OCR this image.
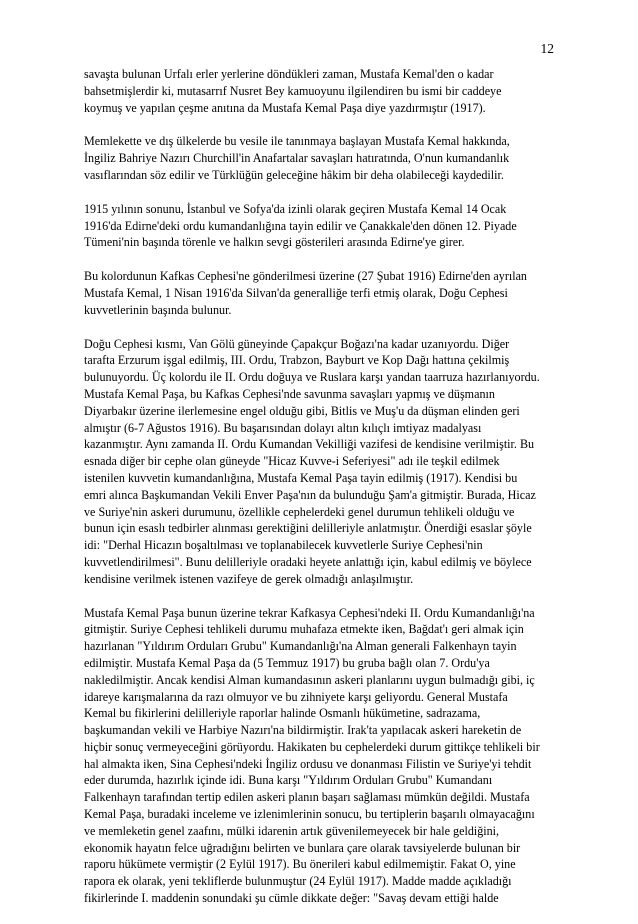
12

savaşta bulunan Urfalı erler yerlerine döndükleri zaman, Mustafa Kemal'den o kadar
bahsetmişlerdir ki, mutasarrıf Nusret Bey kamuoyunu ilgilendiren bu ismi bir caddeye
koymuş ve yapılan çeşme anıtına da Mustafa Kemal Paşa diye yazdırmıştır (1917).

Memlekette ve dış ülkelerde bu vesile ile tanınmaya başlayan Mustafa Kemal hakkında,
İngiliz Bahriye Nazırı Churchill'in Anafartalar savaşları hatıratında, O'nun kumandanlık
vasıflarından söz edilir ve Türklüğün geleceğine hâkim bir deha olabileceği kaydedilir.

1915 yılının sonunu, İstanbul ve Sofya'da izinli olarak geçiren Mustafa Kemal 14 Ocak
1916'da Edirne'deki ordu kumandanlığına tayin edilir ve Çanakkale'den dönen 12. Piyade
Tümeni'nin başında törenle ve halkın sevgi gösterileri arasında Edirne'ye girer.

Bu kolordunun Kafkas Cephesi'ne gönderilmesi üzerine (27 Şubat 1916) Edirne'den ayrılan
Mustafa Kemal, 1 Nisan 1916'da Silvan'da generalliğe terfi etmiş olarak, Doğu Cephesi
kuvvetlerinin başında bulunur.

Doğu Cephesi kısmı, Van Gölü güneyinde Çapakçur Boğazı'na kadar uzanıyordu. Diğer
tarafta Erzurum işgal edilmiş, III. Ordu, Trabzon, Bayburt ve Kop Dağı hattına çekilmiş
bulunuyordu. Üç kolordu ile II. Ordu doğuya ve Ruslara karşı yandan taarruza hazırlanıyordu.
Mustafa Kemal Paşa, bu Kafkas Cephesi'nde savunma savaşları yapmış ve düşmanın
Diyarbakır üzerine ilerlemesine engel olduğu gibi, Bitlis ve Muş'u da düşman elinden geri
almıştır (6-7 Ağustos 1916). Bu başarısından dolayı altın kılıçlı imtiyaz madalyası
kazanmıştır. Aynı zamanda II. Ordu Kumandan Vekilliği vazifesi de kendisine verilmiştir. Bu
esnada diğer bir cephe olan güneyde "Hicaz Kuvve-i Seferiyesi" adı ile teşkil edilmek
istenilen kuvvetin kumandanlığına, Mustafa Kemal Paşa tayin edilmiş (1917). Kendisi bu
emri alınca Başkumandan Vekili Enver Paşa'nın da bulunduğu Şam'a gitmiştir. Burada, Hicaz
ve Suriye'nin askeri durumunu, özellikle cephelerdeki genel durumun tehlikeli olduğu ve
bunun için esaslı tedbirler alınması gerektiğini delilleriyle anlatmıştır. Önerdiği esaslar şöyle
idi: "Derhal Hicazın boşaltılması ve toplanabilecek kuvvetlerle Suriye Cephesi'nin
kuvvetlendirilmesi". Bunu delilleriyle oradaki heyete anlattığı için, kabul edilmiş ve böylece
kendisine verilmek istenen vazifeye de gerek olmadığı anlaşılmıştır.

Mustafa Kemal Paşa bunun üzerine tekrar Kafkasya Cephesi'ndeki II. Ordu Kumandanlığı'na
gitmiştir. Suriye Cephesi tehlikeli durumu muhafaza etmekte iken, Bağdat'ı geri almak için
hazırlanan "Yıldırım Orduları Grubu" Kumandanlığı'na Alman generali Falkenhayn tayin
edilmiştir. Mustafa Kemal Paşa da (5 Temmuz 1917) bu gruba bağlı olan 7. Ordu'ya
nakledilmiştir. Ancak kendisi Alman kumandasının askeri planlarını uygun bulmadığı gibi, iç
idareye karışmalarına da razı olmuyor ve bu zihniyete karşı geliyordu. General Mustafa
Kemal bu fikirlerini delilleriyle raporlar halinde Osmanlı hükümetine, sadrazama,
başkumandan vekili ve Harbiye Nazırı'na bildirmiştir. Irak'ta yapılacak askeri hareketin de
hiçbir sonuç vermeyeceğini görüyordu. Hakikaten bu cephelerdeki durum gittikçe tehlikeli bir
hal almakta iken, Sina Cephesi'ndeki İngiliz ordusu ve donanması Filistin ve Suriye'yi tehdit
eder durumda, hazırlık içinde idi. Buna karşı "Yıldırım Orduları Grubu" Kumandanı
Falkenhayn tarafından tertip edilen askeri planın başarı sağlaması mümkün değildi. Mustafa
Kemal Paşa, buradaki inceleme ve izlenimlerinin sonucu, bu tertiplerin başarılı olmayacağını
ve memleketin genel zaafını, mülki idarenin artık güvenilemeyecek bir hale geldiğini,
ekonomik hayatın felce uğradığını belirten ve bunlara çare olarak tavsiyelerde bulunan bir
raporu hükümete vermiştir (2 Eylül 1917). Bu önerileri kabul edilmemiştir. Fakat O, yine
rapora ek olarak, yeni tekliflerde bulunmuştur (24 Eylül 1917). Madde madde açıkladığı
fikirlerinde I. maddenin sonundaki şu cümle dikkate değer: "Savaş devam ettiği halde
